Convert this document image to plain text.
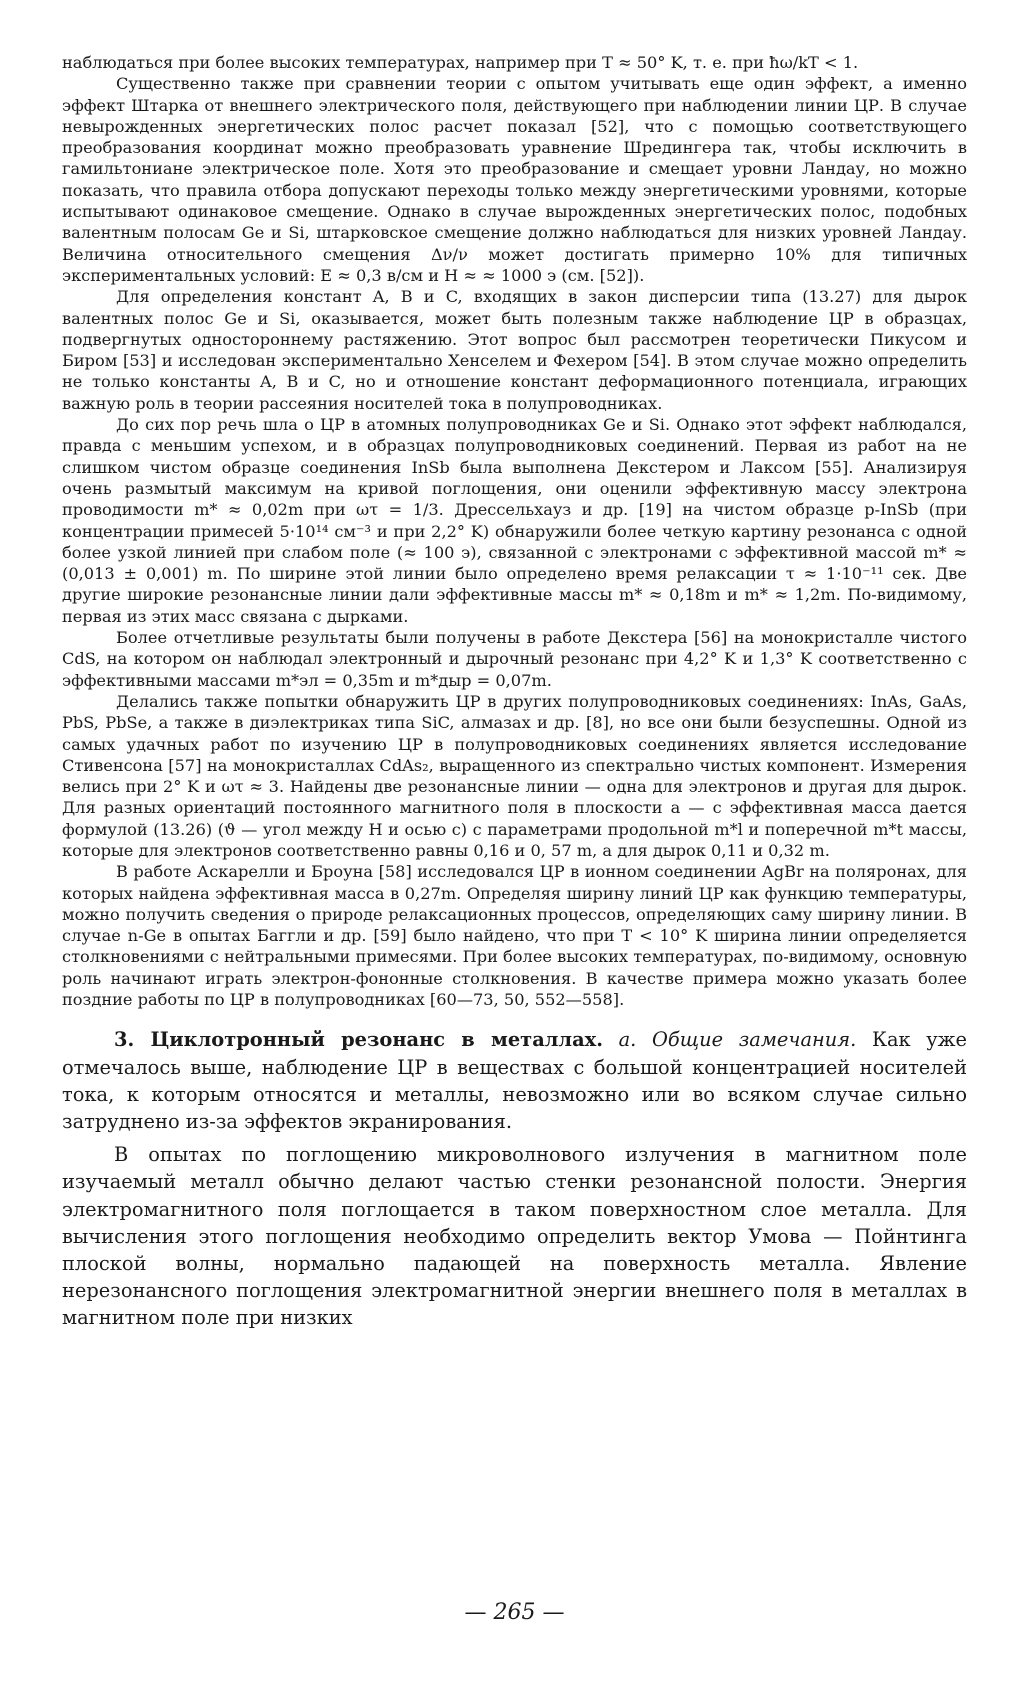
наблюдаться при более высоких температурах, например при T ≈ 50° K, т. е. при ħω/kT < 1.

Существенно также при сравнении теории с опытом учитывать еще один эффект, а именно эффект Штарка от внешнего электрического поля, действующего при наблюдении линии ЦР. В случае невырожденных энергетических полос расчет показал [52], что с помощью соответствующего преобразования координат можно преобразовать уравнение Шредингера так, чтобы исключить в гамильтониане электрическое поле. Хотя это преобразование и смещает уровни Ландау, но можно показать, что правила отбора допускают переходы только между энергетическими уровнями, которые испытывают одинаковое смещение. Однако в случае вырожденных энергетических полос, подобных валентным полосам Ge и Si, штарковское смещение должно наблюдаться для низких уровней Ландау. Величина относительного смещения Δν/ν может достигать примерно 10% для типичных экспериментальных условий: E ≈ 0,3 в/см и H ≈ ≈ 1000 э (см. [52]).

Для определения констант A, B и C, входящих в закон дисперсии типа (13.27) для дырок валентных полос Ge и Si, оказывается, может быть полезным также наблюдение ЦР в образцах, подвергнутых одностороннему растяжению. Этот вопрос был рассмотрен теоретически Пикусом и Биром [53] и исследован экспериментально Хенселем и Фехером [54]. В этом случае можно определить не только константы A, B и C, но и отношение констант деформационного потенциала, играющих важную роль в теории рассеяния носителей тока в полупроводниках.

До сих пор речь шла о ЦР в атомных полупроводниках Ge и Si. Однако этот эффект наблюдался, правда с меньшим успехом, и в образцах полупроводниковых соединений. Первая из работ на не слишком чистом образце соединения InSb была выполнена Декстером и Лаксом [55]. Анализируя очень размытый максимум на кривой поглощения, они оценили эффективную массу электрона проводимости m* ≈ 0,02m при ωτ = 1/3. Дрессельхауз и др. [19] на чистом образце p-InSb (при концентрации примесей 5·10¹⁴ см⁻³ и при 2,2° K) обнаружили более четкую картину резонанса с одной более узкой линией при слабом поле (≈ 100 э), связанной с электронами с эффективной массой m* ≈ (0,013 ± 0,001) m. По ширине этой линии было определено время релаксации τ ≈ 1·10⁻¹¹ сек. Две другие широкие резонансные линии дали эффективные массы m* ≈ 0,18m и m* ≈ 1,2m. По-видимому, первая из этих масс связана с дырками.

Более отчетливые результаты были получены в работе Декстера [56] на монокристалле чистого CdS, на котором он наблюдал электронный и дырочный резонанс при 4,2° K и 1,3° K соответственно с эффективными массами m*эл = 0,35m и m*дыр = 0,07m.

Делались также попытки обнаружить ЦР в других полупроводниковых соединениях: InAs, GaAs, PbS, PbSe, а также в диэлектриках типа SiC, алмазах и др. [8], но все они были безуспешны. Одной из самых удачных работ по изучению ЦР в полупроводниковых соединениях является исследование Стивенсона [57] на монокристаллах CdAs₂, выращенного из спектрально чистых компонент. Измерения велись при 2° K и ωτ ≈ 3. Найдены две резонансные линии — одна для электронов и другая для дырок. Для разных ориентаций постоянного магнитного поля в плоскости a — c эффективная масса дается формулой (13.26) (ϑ — угол между H и осью c) с параметрами продольной m*l и поперечной m*t массы, которые для электронов соответственно равны 0,16 и 0, 57 m, а для дырок 0,11 и 0,32 m.

В работе Аскарелли и Броуна [58] исследовался ЦР в ионном соединении AgBr на поляронах, для которых найдена эффективная масса в 0,27m. Определяя ширину линий ЦР как функцию температуры, можно получить сведения о природе релаксационных процессов, определяющих саму ширину линии. В случае n-Ge в опытах Баггли и др. [59] было найдено, что при T < 10° K ширина линии определяется столкновениями с нейтральными примесями. При более высоких температурах, по-видимому, основную роль начинают играть электрон-фононные столкновения. В качестве примера можно указать более поздние работы по ЦР в полупроводниках [60—73, 50, 552—558].

3. Циклотронный резонанс в металлах. а. Общие замечания. Как уже отмечалось выше, наблюдение ЦР в веществах с большой концентрацией носителей тока, к которым относятся и металлы, невозможно или во всяком случае сильно затруднено из-за эффектов экранирования.

В опытах по поглощению микроволнового излучения в магнитном поле изучаемый металл обычно делают частью стенки резонансной полости. Энергия электромагнитного поля поглощается в таком поверхностном слое металла. Для вычисления этого поглощения необходимо определить вектор Умова — Пойнтинга плоской волны, нормально падающей на поверхность металла. Явление нерезонансного поглощения электромагнитной энергии внешнего поля в металлах в магнитном поле при низких

— 265 —
